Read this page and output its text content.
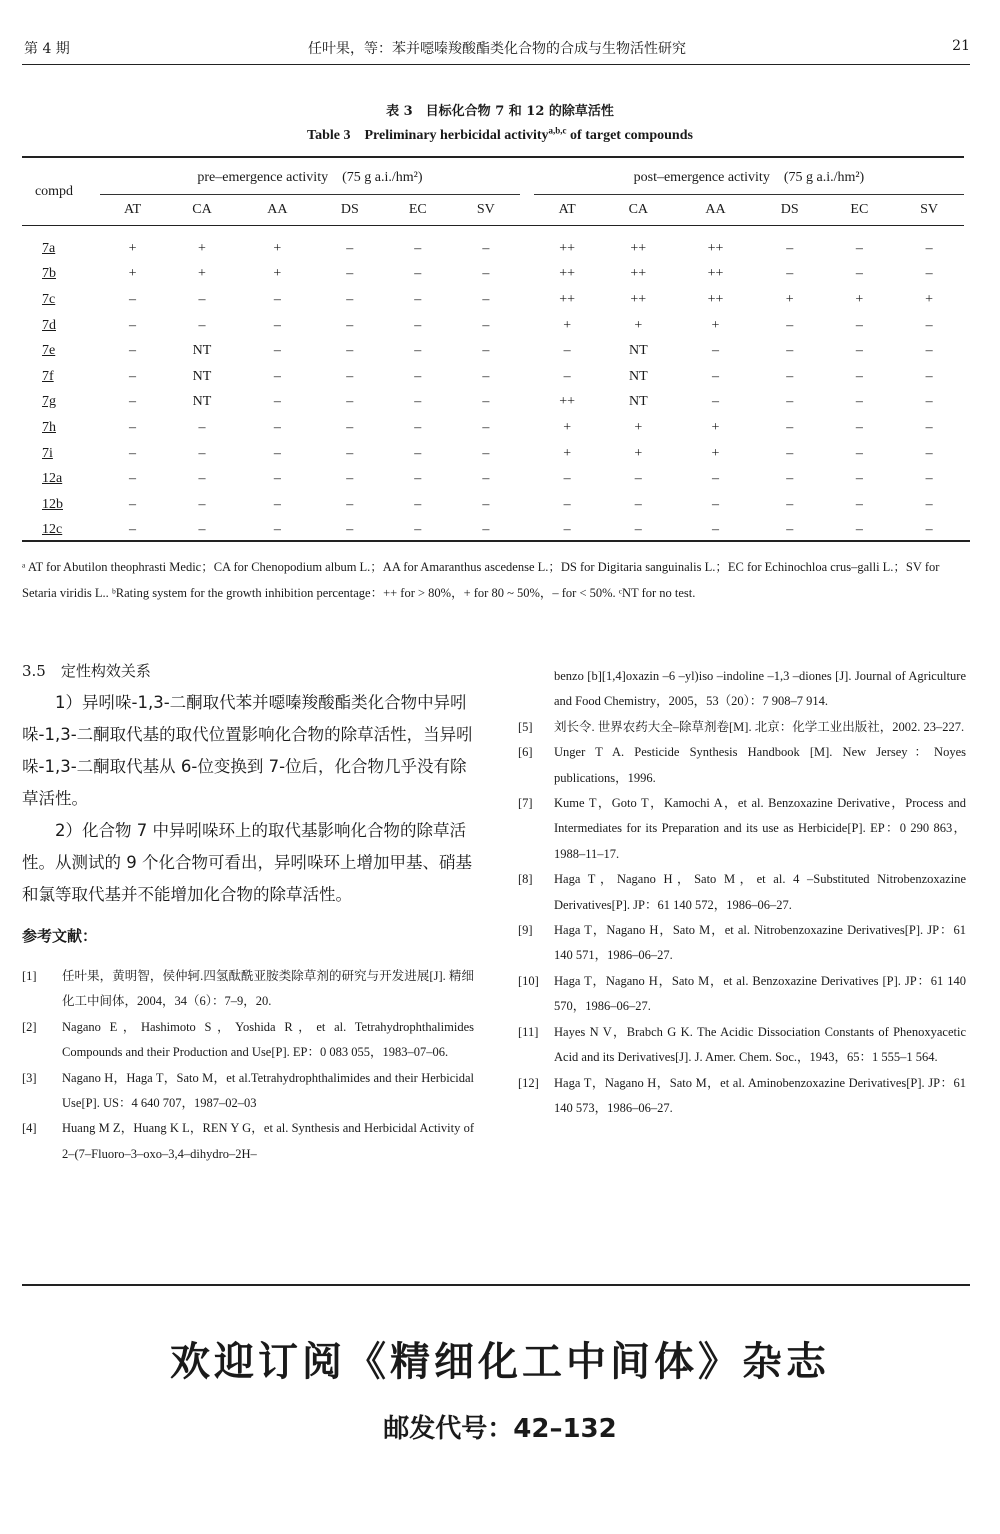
第 4 期	任叶果，等：苯并噁嗪羧酸酯类化合物的合成与生物活性研究	21
表 3　目标化合物 7 和 12 的除草活性
Table 3　Preliminary herbicidal activity$^{a,b,c}$ of target compounds
compd		pre–emergence activity　(75 g a.i./hm²)							post–emergence activity　(75 g a.i./hm²)					
		AT	CA	AA	DS	EC	SV		AT	CA	AA	DS	EC	SV
7a		+	+	+	–	–	–		++	++	++	–	–	–
7b		+	+	+	–	–	–		++	++	++	–	–	–
7c		–	–	–	–	–	–		++	++	++	+	+	+
7d		–	–	–	–	–	–		+	+	+	–	–	–
7e		–	NT	–	–	–	–		–	NT	–	–	–	–
7f		–	NT	–	–	–	–		–	NT	–	–	–	–
7g		–	NT	–	–	–	–		++	NT	–	–	–	–
7h		–	–	–	–	–	–		+	+	+	–	–	–
7i		–	–	–	–	–	–		+	+	+	–	–	–
12a		–	–	–	–	–	–		–	–	–	–	–	–
12b		–	–	–	–	–	–		–	–	–	–	–	–
12c		–	–	–	–	–	–		–	–	–	–	–	–
ᵃ AT for Abutilon theophrasti Medic；CA for Chenopodium album L.；AA for Amaranthus ascedense L.；DS for Digitaria sanguinalis L.；EC for Echinochloa crus–galli L.；SV for Setaria viridis L.. ᵇRating system for the growth inhibition percentage：++ for > 80%，+ for 80 ~ 50%，– for < 50%. ᶜNT for no test.
3.5　定性构效关系
1）异吲哚-1,3-二酮取代苯并噁嗪羧酸酯类化合物中异吲哚-1,3-二酮取代基的取代位置影响化合物的除草活性，当异吲哚-1,3-二酮取代基从 6-位变换到 7-位后，化合物几乎没有除草活性。
2）化合物 7 中异吲哚环上的取代基影响化合物的除草活性。从测试的 9 个化合物可看出，异吲哚环上增加甲基、硝基和氯等取代基并不能增加化合物的除草活性。
参考文献：
[1]	任叶果，黄明智，侯仲轲.四氢酞酰亚胺类除草剂的研究与开发进展[J]. 精细化工中间体，2004，34（6）：7–9，20.
[2]	Nagano E，Hashimoto S，Yoshida R，et al. Tetrahydrophthalimides Compounds and their Production and Use[P]. EP：0 083 055，1983–07–06.
[3]	Nagano H，Haga T，Sato M，et al.Tetrahydrophthalimides and their Herbicidal Use[P]. US：4 640 707，1987–02–03
[4]	Huang M Z，Huang K L，REN Y G，et al. Synthesis and Herbicidal Activity of 2–(7–Fluoro–3–oxo–3,4–dihydro–2H–
benzo [b][1,4]oxazin –6 –yl)iso –indoline –1,3 –diones [J]. Journal of Agriculture and Food Chemistry，2005，53（20）：7 908–7 914.
[5]	刘长令. 世界农药大全–除草剂卷[M]. 北京：化学工业出版社，2002. 23–227.
[6]	Unger T A. Pesticide Synthesis Handbook [M]. New Jersey：Noyes publications，1996.
[7]	Kume T，Goto T，Kamochi A，et al. Benzoxazine Derivative，Process and Intermediates for its Preparation and its use as Herbicide[P]. EP：0 290 863，1988–11–17.
[8]	Haga T，Nagano H，Sato M，et al. 4 –Substituted Nitrobenzoxazine Derivatives[P]. JP：61 140 572，1986–06–27.
[9]	Haga T，Nagano H，Sato M，et al. Nitrobenzoxazine Derivatives[P]. JP：61 140 571，1986–06–27.
[10]	Haga T，Nagano H，Sato M，et al. Benzoxazine Derivatives [P]. JP：61 140 570，1986–06–27.
[11]	Hayes N V，Brabch G K. The Acidic Dissociation Constants of Phenoxyacetic Acid and its Derivatives[J]. J. Amer. Chem. Soc.，1943，65：1 555–1 564.
[12]	Haga T，Nagano H，Sato M，et al. Aminobenzoxazine Derivatives[P]. JP：61 140 573，1986–06–27.
欢迎订阅《精细化工中间体》杂志
邮发代号：42–132
